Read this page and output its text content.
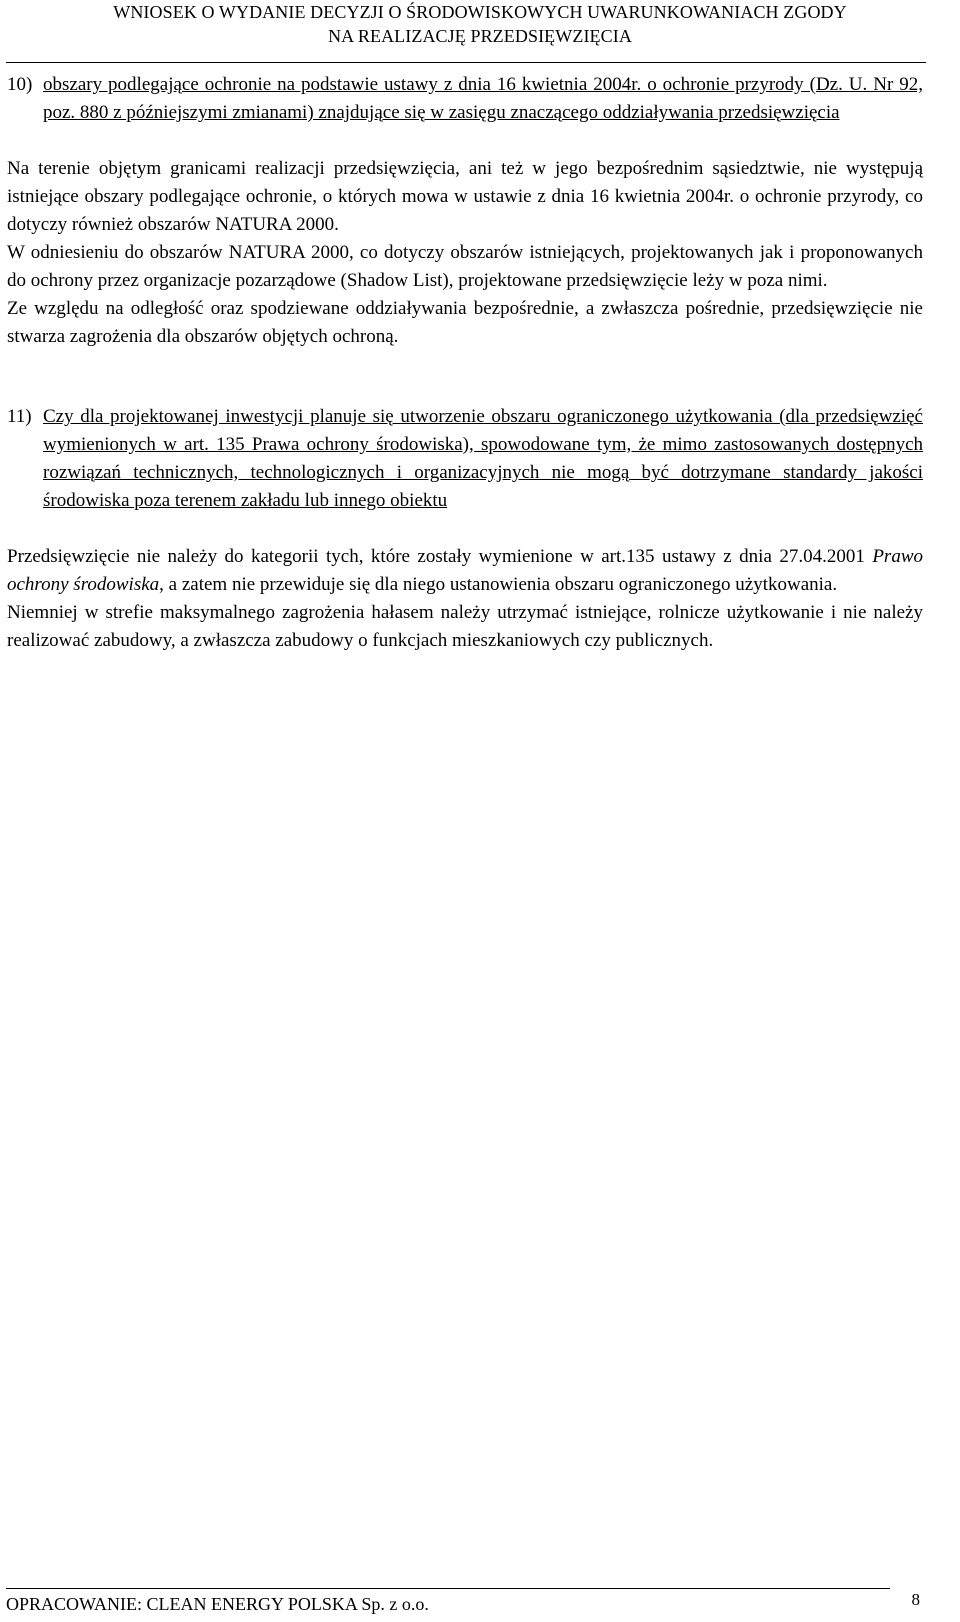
WNIOSEK O WYDANIE DECYZJI O ŚRODOWISKOWYCH UWARUNKOWANIACH ZGODY
NA REALIZACJĘ PRZEDSIĘWZIĘCIA
10) obszary podlegające ochronie na podstawie ustawy z dnia 16 kwietnia 2004r. o ochronie przyrody (Dz. U. Nr 92, poz. 880 z późniejszymi zmianami) znajdujące się w zasięgu znaczącego oddziaływania przedsięwzięcia

Na terenie objętym granicami realizacji przedsięwzięcia, ani też w jego bezpośrednim sąsiedztwie, nie występują istniejące obszary podlegające ochronie, o których mowa w ustawie z dnia 16 kwietnia 2004r. o ochronie przyrody, co dotyczy również obszarów NATURA 2000.

W odniesieniu do obszarów NATURA 2000, co dotyczy obszarów istniejących, projektowanych jak i proponowanych do ochrony przez organizacje pozarządowe (Shadow List), projektowane przedsięwzięcie leży w poza nimi.

Ze względu na odległość oraz spodziewane oddziaływania bezpośrednie, a zwłaszcza pośrednie, przedsięwzięcie nie stwarza zagrożenia dla obszarów objętych ochroną.

11) Czy dla projektowanej inwestycji planuje się utworzenie obszaru ograniczonego użytkowania (dla przedsięwzięć wymienionych w art. 135 Prawa ochrony środowiska), spowodowane tym, że mimo zastosowanych dostępnych rozwiązań technicznych, technologicznych i organizacyjnych nie mogą być dotrzymane standardy jakości środowiska poza terenem zakładu lub innego obiektu

Przedsięwzięcie nie należy do kategorii tych, które zostały wymienione w art.135 ustawy z dnia 27.04.2001 Prawo ochrony środowiska, a zatem nie przewiduje się dla niego ustanowienia obszaru ograniczonego użytkowania.

Niemniej w strefie maksymalnego zagrożenia hałasem należy utrzymać istniejące, rolnicze użytkowanie i nie należy realizować zabudowy, a zwłaszcza zabudowy o funkcjach mieszkaniowych czy publicznych.

OPRACOWANIE: CLEAN ENERGY POLSKA Sp. z o.o.	8
